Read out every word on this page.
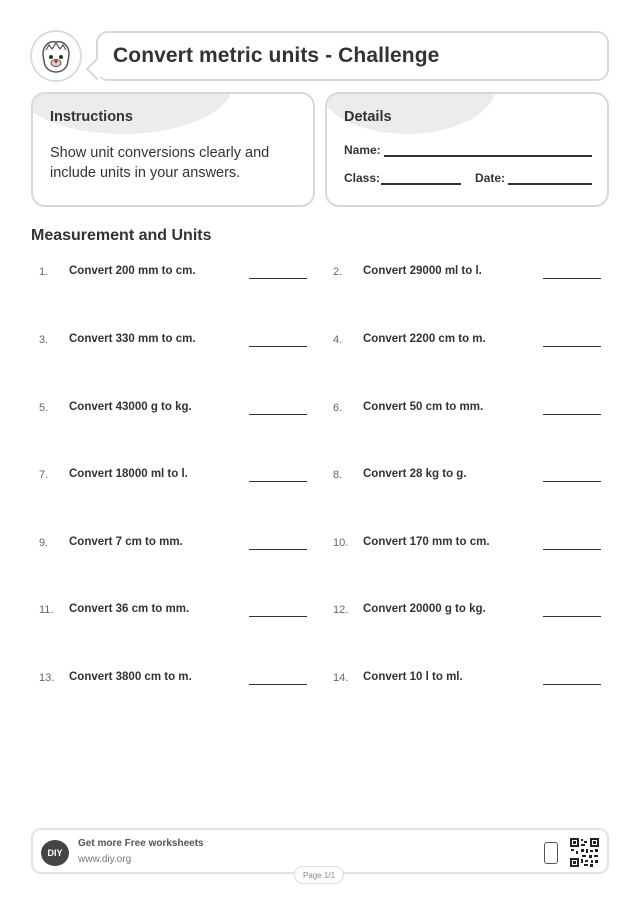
Convert metric units - Challenge
Instructions

Show unit conversions clearly and include units in your answers.

Details
Name:
Class:	Date:
Measurement and Units
1. Convert 200 mm to cm.	2. Convert 29000 ml to l.
3. Convert 330 mm to cm.	4. Convert 2200 cm to m.
5. Convert 43000 g to kg.	6. Convert 50 cm to mm.
7. Convert 18000 ml to l.	8. Convert 28 kg to g.
9. Convert 7 cm to mm.	10. Convert 170 mm to cm.
11. Convert 36 cm to mm.	12. Convert 20000 g to kg.
13. Convert 3800 cm to m.	14. Convert 10 l to ml.
DIY
Get more Free worksheets
www.diy.org
Page 1/1
